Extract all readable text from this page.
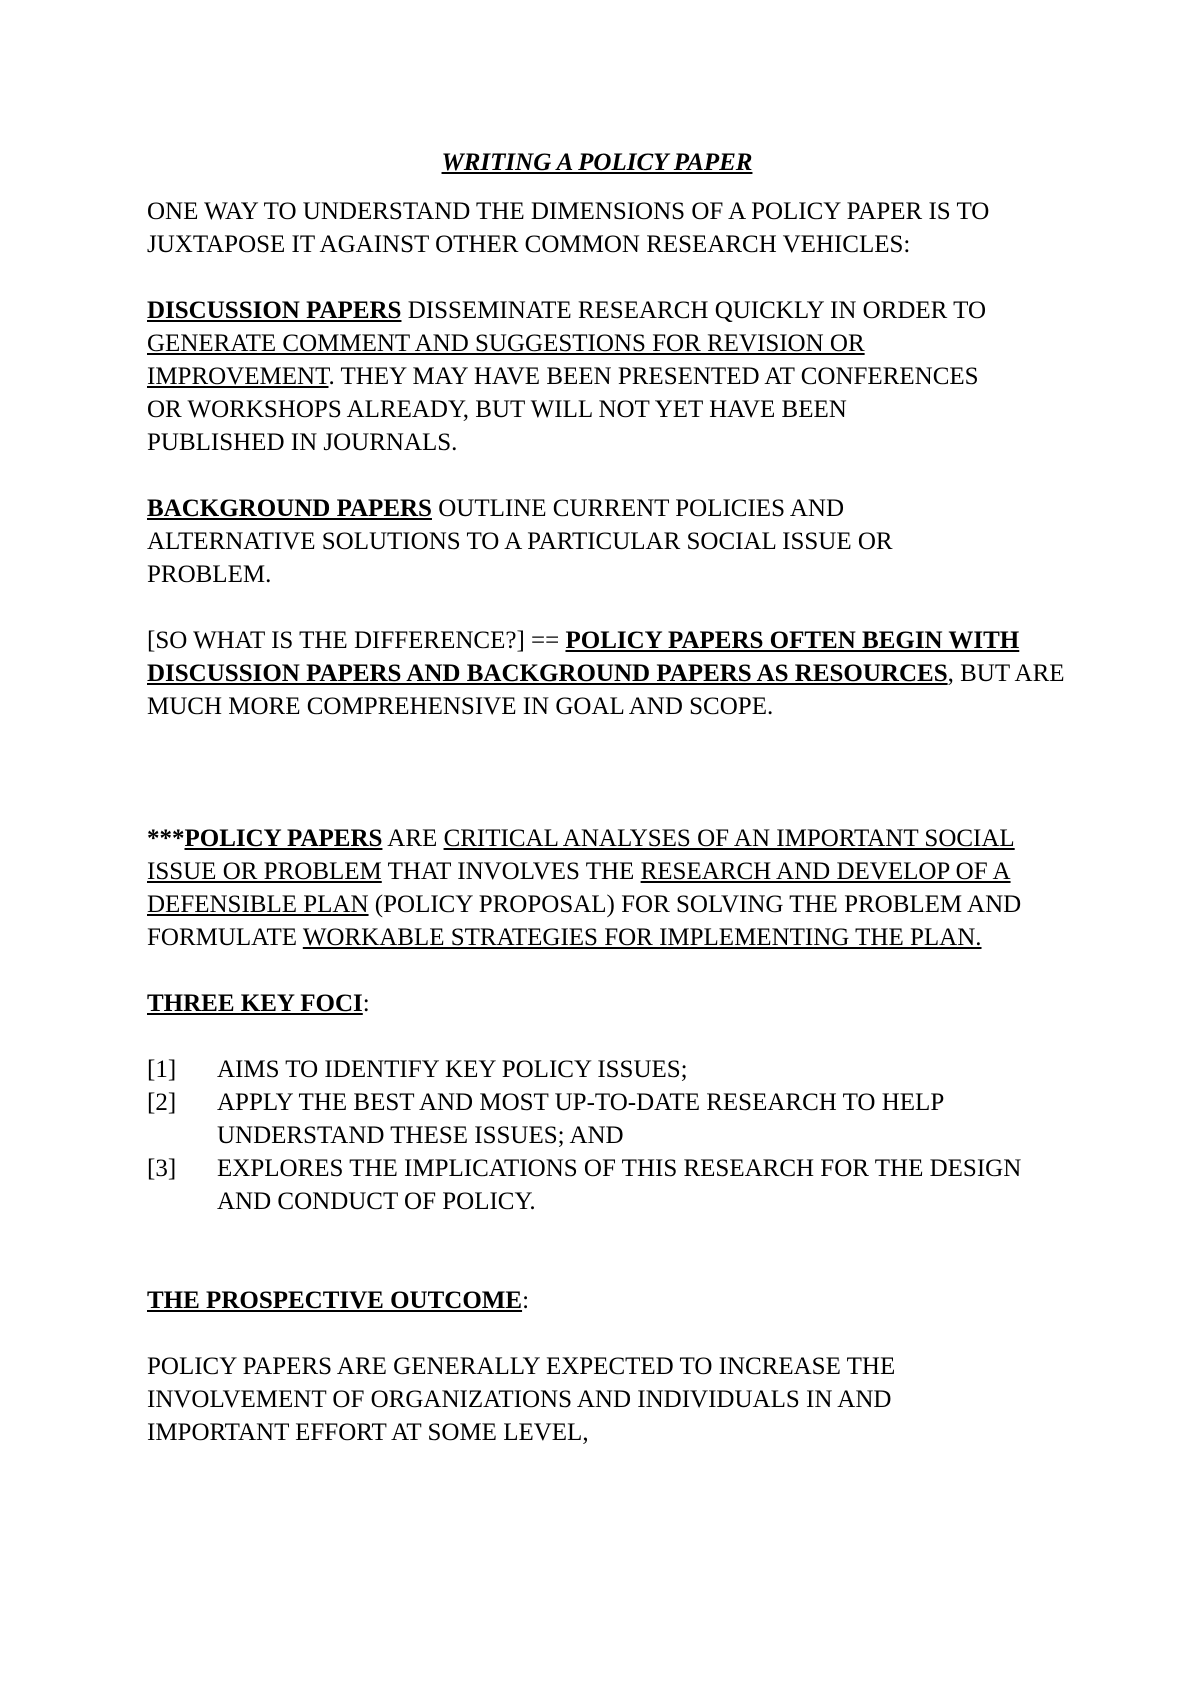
WRITING A POLICY PAPER

ONE WAY TO UNDERSTAND THE DIMENSIONS OF A POLICY PAPER IS TO JUXTAPOSE IT AGAINST OTHER COMMON RESEARCH VEHICLES:

DISCUSSION PAPERS DISSEMINATE RESEARCH QUICKLY IN ORDER TO GENERATE COMMENT AND SUGGESTIONS FOR REVISION OR IMPROVEMENT. THEY MAY HAVE BEEN PRESENTED AT CONFERENCES OR WORKSHOPS ALREADY, BUT WILL NOT YET HAVE BEEN PUBLISHED IN JOURNALS.

BACKGROUND PAPERS OUTLINE CURRENT POLICIES AND ALTERNATIVE SOLUTIONS TO A PARTICULAR SOCIAL ISSUE OR PROBLEM.

[SO WHAT IS THE DIFFERENCE?] == POLICY PAPERS OFTEN BEGIN WITH DISCUSSION PAPERS AND BACKGROUND PAPERS AS RESOURCES, BUT ARE MUCH MORE COMPREHENSIVE IN GOAL AND SCOPE.

***POLICY PAPERS ARE CRITICAL ANALYSES OF AN IMPORTANT SOCIAL ISSUE OR PROBLEM THAT INVOLVES THE RESEARCH AND DEVELOP OF A DEFENSIBLE PLAN (POLICY PROPOSAL) FOR SOLVING THE PROBLEM AND FORMULATE WORKABLE STRATEGIES FOR IMPLEMENTING THE PLAN.

THREE KEY FOCI:

[1]	AIMS TO IDENTIFY KEY POLICY ISSUES;
[2]	APPLY THE BEST AND MOST UP-TO-DATE RESEARCH TO HELP UNDERSTAND THESE ISSUES; AND
[3]	EXPLORES THE IMPLICATIONS OF THIS RESEARCH FOR THE DESIGN AND CONDUCT OF POLICY.

THE PROSPECTIVE OUTCOME:

POLICY PAPERS ARE GENERALLY EXPECTED TO INCREASE THE INVOLVEMENT OF ORGANIZATIONS AND INDIVIDUALS IN AND IMPORTANT EFFORT AT SOME LEVEL,
